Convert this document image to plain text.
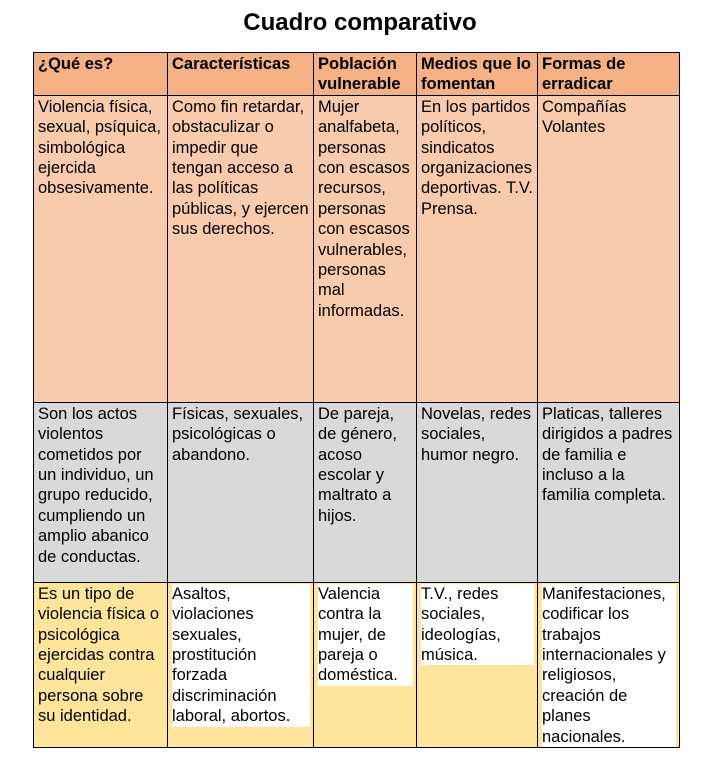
Cuadro comparativo
¿Qué es?	Características	Población vulnerable	Medios que lo fomentan	Formas de erradicar
Violencia física, sexual, psíquica, simbológica ejercida obsesivamente.	Como fin retardar, obstaculizar o impedir que tengan acceso a las políticas públicas, y ejercen sus derechos.	Mujer analfabeta, personas con escasos recursos, personas con escasos vulnerables, personas mal informadas.	En los partidos políticos, sindicatos organizaciones deportivas. T.V. Prensa.	Compañías Volantes
Son los actos violentos cometidos por un individuo, un grupo reducido, cumpliendo un amplio abanico de conductas.	Físicas, sexuales, psicológicas o abandono.	De pareja, de género, acoso escolar y maltrato a hijos.	Novelas, redes sociales, humor negro.	Platicas, talleres dirigidos a padres de familia e incluso a la familia completa.
Es un tipo de violencia física o psicológica ejercidas contra cualquier persona sobre su identidad.	Asaltos, violaciones sexuales, prostitución forzada discriminación laboral, abortos.	Valencia contra la mujer, de pareja o doméstica.	T.V., redes sociales, ideologías, música.	Manifestaciones, codificar los trabajos internacionales y religiosos, creación de planes nacionales.
